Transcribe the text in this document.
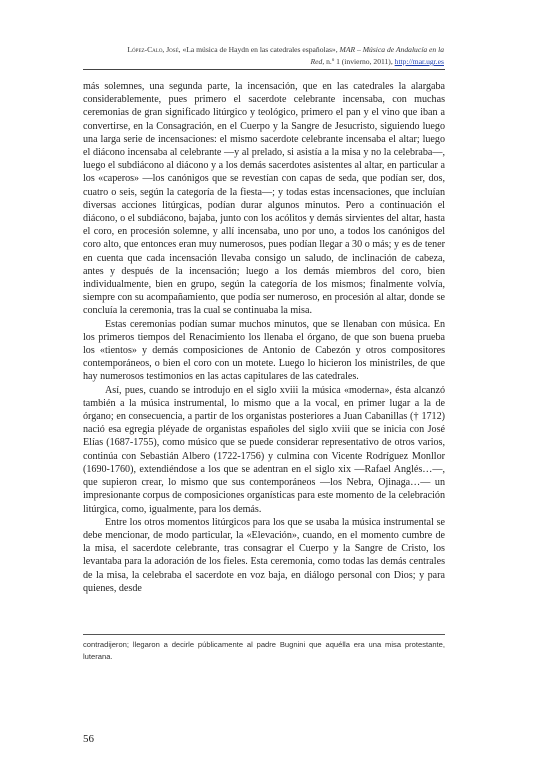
López-Calo, José, «La música de Haydn en las catedrales españolas», MAR – Música de Andalucía en la Red, n.º 1 (invierno, 2011), http://mar.ugr.es

más solemnes, una segunda parte, la incensación, que en las catedrales la alargaba considerablemente, pues primero el sacerdote celebrante incensaba, con muchas ceremonias de gran significado litúrgico y teológico, primero el pan y el vino que iban a convertirse, en la Consagración, en el Cuerpo y la Sangre de Jesucristo, siguiendo luego una larga serie de incensaciones: el mismo sacerdote celebrante incensaba el altar; luego el diácono incensaba al celebrante —y al prelado, si asistía a la misa y no la celebraba—, luego el subdiácono al diácono y a los demás sacerdotes asistentes al altar, en particular a los «caperos» —los canónigos que se revestían con capas de seda, que podían ser, dos, cuatro o seis, según la categoría de la fiesta—; y todas estas incensaciones, que incluían diversas acciones litúrgicas, podían durar algunos minutos. Pero a continuación el diácono, o el subdiácono, bajaba, junto con los acólitos y demás sirvientes del altar, hasta el coro, en procesión solemne, y allí incensaba, uno por uno, a todos los canónigos del coro alto, que entonces eran muy numerosos, pues podían llegar a 30 o más; y es de tener en cuenta que cada incensación llevaba consigo un saludo, de inclinación de cabeza, antes y después de la incensación; luego a los demás miembros del coro, bien individualmente, bien en grupo, según la categoría de los mismos; finalmente volvía, siempre con su acompañamiento, que podía ser numeroso, en procesión al altar, donde se concluía la ceremonia, tras la cual se continuaba la misa.

Estas ceremonias podían sumar muchos minutos, que se llenaban con música. En los primeros tiempos del Renacimiento los llenaba el órgano, de que son buena prueba los «tientos» y demás composiciones de Antonio de Cabezón y otros compositores contemporáneos, o bien el coro con un motete. Luego lo hicieron los ministriles, de que hay numerosos testimonios en las actas capitulares de las catedrales.

Así, pues, cuando se introdujo en el siglo xviii la música «moderna», ésta alcanzó también a la música instrumental, lo mismo que a la vocal, en primer lugar a la de órgano; en consecuencia, a partir de los organistas posteriores a Juan Cabanillas († 1712) nació esa egregia pléyade de organistas españoles del siglo xviii que se inicia con José Elías (1687-1755), como músico que se puede considerar representativo de otros varios, continúa con Sebastián Albero (1722-1756) y culmina con Vicente Rodríguez Monllor (1690-1760), extendiéndose a los que se adentran en el siglo xix —Rafael Anglés…—, que supieron crear, lo mismo que sus contemporáneos —los Nebra, Ojinaga…— un impresionante corpus de composiciones organísticas para este momento de la celebración litúrgica, como, igualmente, para los demás.

Entre los otros momentos litúrgicos para los que se usaba la música instrumental se debe mencionar, de modo particular, la «Elevación», cuando, en el momento cumbre de la misa, el sacerdote celebrante, tras consagrar el Cuerpo y la Sangre de Cristo, los levantaba para la adoración de los fieles. Esta ceremonia, como todas las demás centrales de la misa, la celebraba el sacerdote en voz baja, en diálogo personal con Dios; y para quienes, desde

contradijeron; llegaron a decirle públicamente al padre Bugnini que aquélla era una misa protestante, luterana.
56
